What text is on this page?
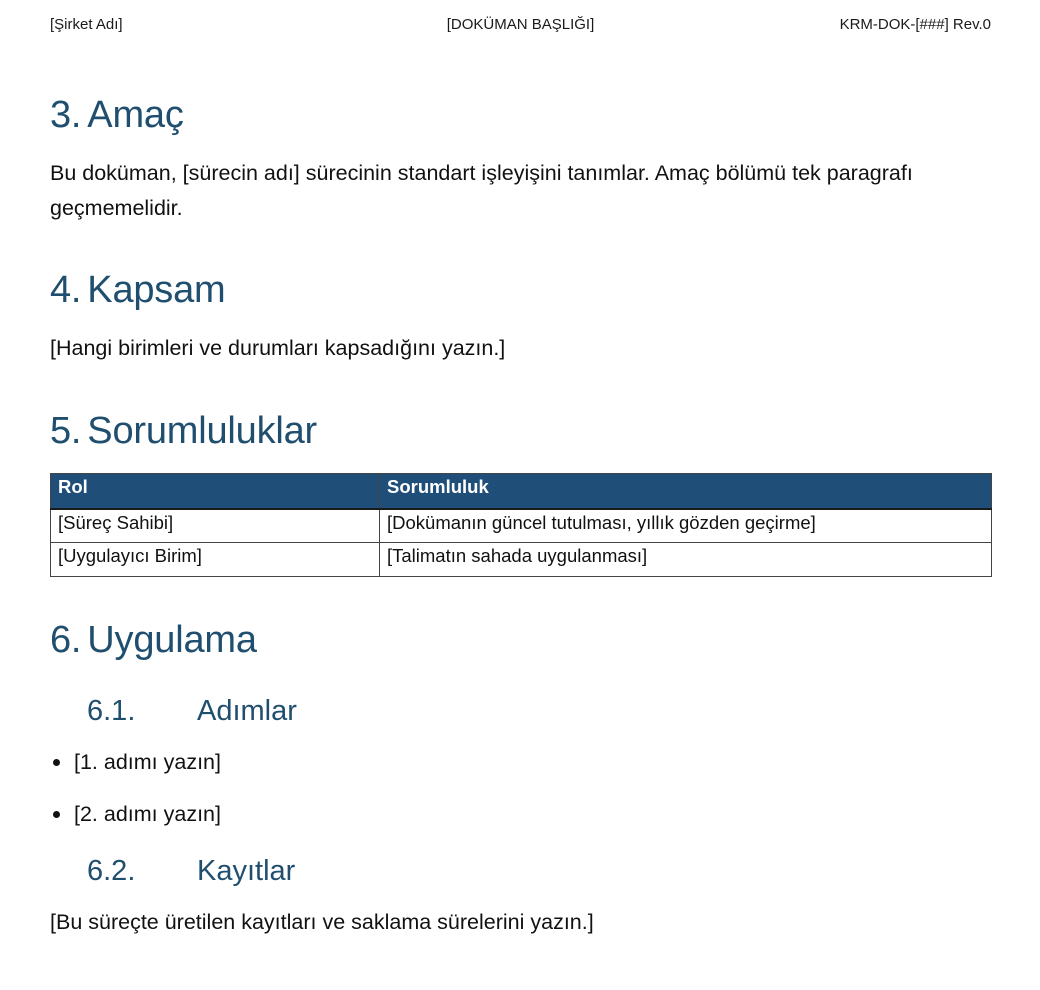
[Şirket Adı]	[DOKÜMAN BAŞLIĞI]	KRM-DOK-[###] Rev.0
3. Amaç

Bu doküman, [sürecin adı] sürecinin standart işleyişini tanımlar. Amaç bölümü tek paragrafı geçmemelidir.

4. Kapsam

[Hangi birimleri ve durumları kapsadığını yazın.]

5. Sorumluluklar
Rol	Sorumluluk
[Süreç Sahibi]	[Dokümanın güncel tutulması, yıllık gözden geçirme]
[Uygulayıcı Birim]	[Talimatın sahada uygulanması]
6. Uygulama
6.1.	Adımlar
[1. adımı yazın]
[2. adımı yazın]
6.2.	Kayıtlar

[Bu süreçte üretilen kayıtları ve saklama sürelerini yazın.]
